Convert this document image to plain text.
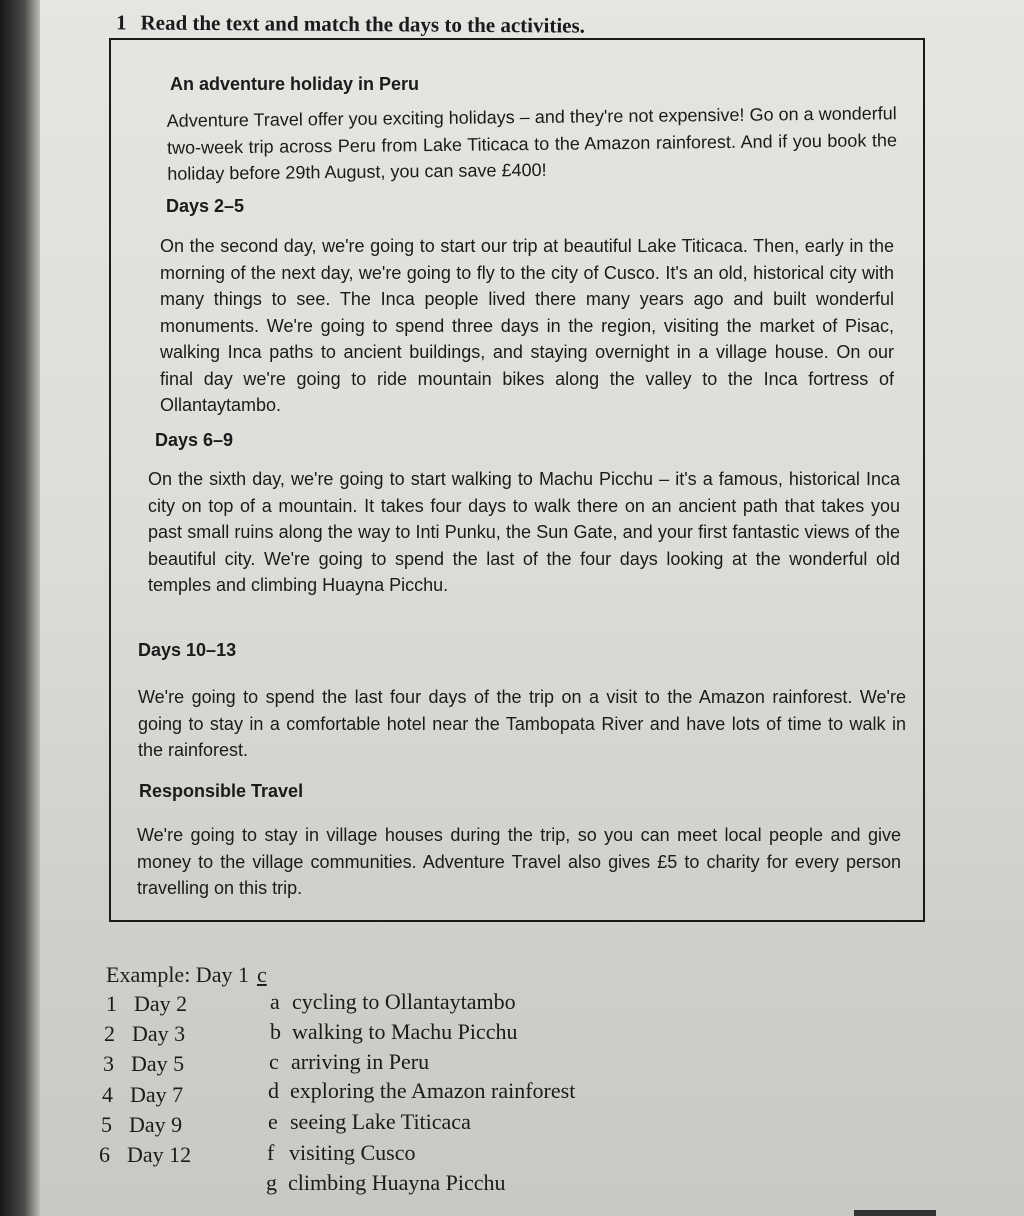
1 Read the text and match the days to the activities.
An adventure holiday in Peru

Adventure Travel offer you exciting holidays – and they're not expensive! Go on a wonderful two-week trip across Peru from Lake Titicaca to the Amazon rainforest. And if you book the holiday before 29th August, you can save £400!

Days 2–5

On the second day, we're going to start our trip at beautiful Lake Titicaca. Then, early in the morning of the next day, we're going to fly to the city of Cusco. It's an old, historical city with many things to see. The Inca people lived there many years ago and built wonderful monuments. We're going to spend three days in the region, visiting the market of Pisac, walking Inca paths to ancient buildings, and staying overnight in a village house. On our final day we're going to ride mountain bikes along the valley to the Inca fortress of Ollantaytambo.

Days 6–9

On the sixth day, we're going to start walking to Machu Picchu – it's a famous, historical Inca city on top of a mountain. It takes four days to walk there on an ancient path that takes you past small ruins along the way to Inti Punku, the Sun Gate, and your first fantastic views of the beautiful city. We're going to spend the last of the four days looking at the wonderful old temples and climbing Huayna Picchu.

Days 10–13

We're going to spend the last four days of the trip on a visit to the Amazon rainforest. We're going to stay in a comfortable hotel near the Tambopata River and have lots of time to walk in the rainforest.

Responsible Travel

We're going to stay in village houses during the trip, so you can meet local people and give money to the village communities. Adventure Travel also gives £5 to charity for every person travelling on this trip.

Example: Day 1 c
1 Day 2
2 Day 3
3 Day 5
4 Day 7
5 Day 9
6 Day 12
a cycling to Ollantaytambo
b walking to Machu Picchu
c arriving in Peru
d exploring the Amazon rainforest
e seeing Lake Titicaca
f visiting Cusco
g climbing Huayna Picchu
